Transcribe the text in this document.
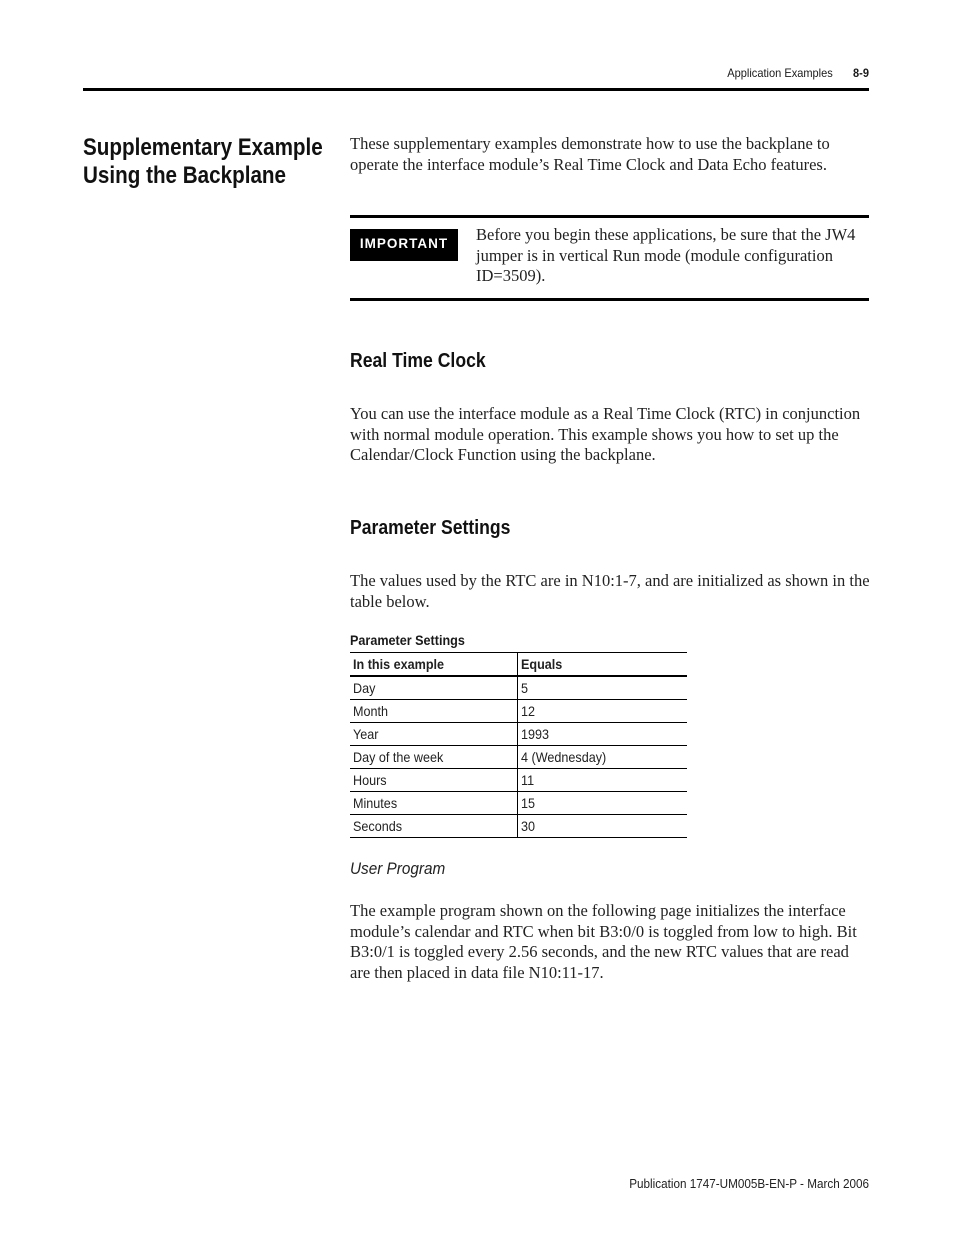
Application Examples 8-9
Supplementary Example
Using the Backplane
These supplementary examples demonstrate how to use the backplane to operate the interface module’s Real Time Clock and Data Echo features.
IMPORTANT	Before you begin these applications, be sure that the JW4 jumper is in vertical Run mode (module configuration ID=3509).
Real Time Clock
You can use the interface module as a Real Time Clock (RTC) in conjunction with normal module operation. This example shows you how to set up the Calendar/Clock Function using the backplane.
Parameter Settings
The values used by the RTC are in N10:1-7, and are initialized as shown in the table below.
Parameter Settings
In this example	Equals
Day	5
Month	12
Year	1993
Day of the week	4 (Wednesday)
Hours	11
Minutes	15
Seconds	30
User Program
The example program shown on the following page initializes the interface module’s calendar and RTC when bit B3:0/0 is toggled from low to high. Bit B3:0/1 is toggled every 2.56 seconds, and the new RTC values that are read are then placed in data file N10:11-17.
Publication 1747-UM005B-EN-P - March 2006
